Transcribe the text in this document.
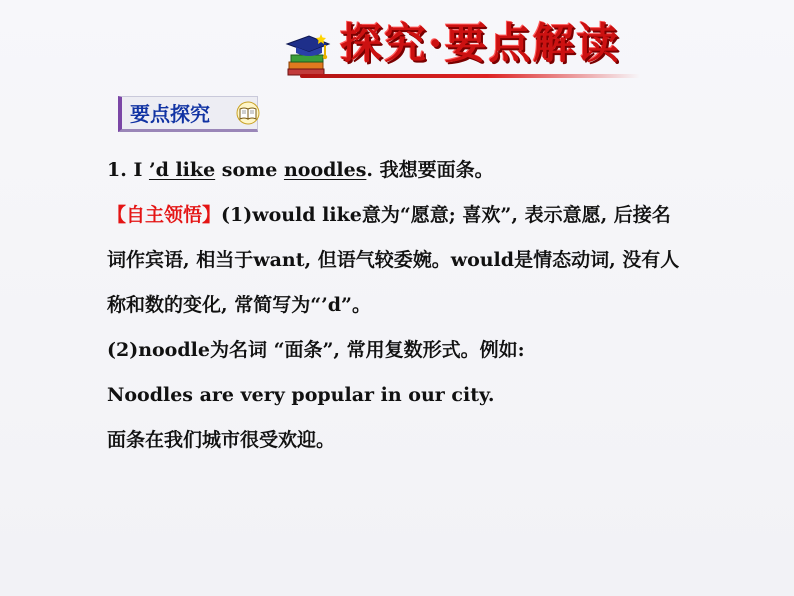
探究·要点解读
要点探究
1. I ’d like some noodles. 我想要面条。
【自主领悟】(1)would like意为“愿意; 喜欢”, 表示意愿, 后接名
词作宾语, 相当于want, 但语气较委婉。would是情态动词, 没有人
称和数的变化, 常简写为“’d”。
(2)noodle为名词 “面条”, 常用复数形式。例如:
Noodles are very popular in our city.
面条在我们城市很受欢迎。
